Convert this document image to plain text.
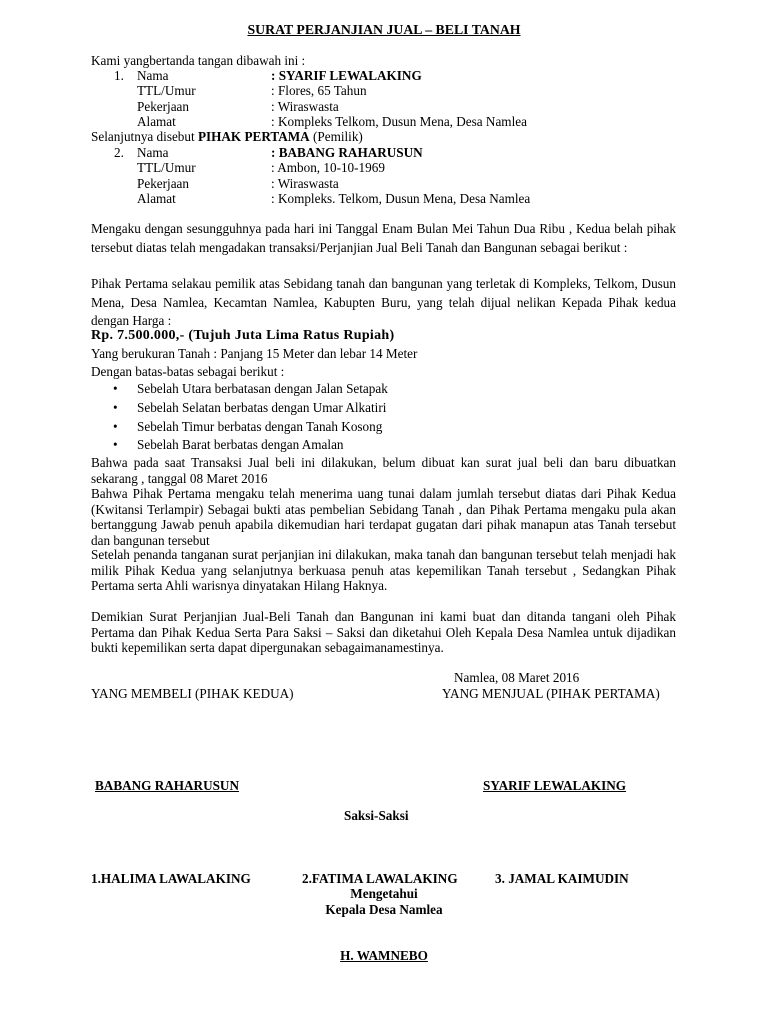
SURAT PERJANJIAN JUAL – BELI TANAH
Kami yangbertanda tangan dibawah ini :
1. Nama	: SYARIF LEWALAKING
TTL/Umur	: Flores, 65 Tahun
Pekerjaan	: Wiraswasta
Alamat	: Kompleks Telkom, Dusun Mena, Desa Namlea
Selanjutnya disebut PIHAK PERTAMA (Pemilik)
2. Nama	: BABANG RAHARUSUN
TTL/Umur	: Ambon, 10-10-1969
Pekerjaan	: Wiraswasta
Alamat	: Kompleks. Telkom, Dusun Mena, Desa Namlea
Mengaku dengan sesungguhnya pada hari ini Tanggal Enam Bulan Mei Tahun Dua Ribu , Kedua belah pihak tersebut diatas telah mengadakan transaksi/Perjanjian Jual Beli Tanah dan Bangunan sebagai berikut :
Pihak Pertama selakau pemilik atas Sebidang tanah dan bangunan yang terletak di Kompleks, Telkom, Dusun Mena, Desa Namlea, Kecamtan Namlea, Kabupten Buru, yang telah dijual nelikan Kepada Pihak kedua dengan Harga :
Rp. 7.500.000,- (Tujuh Juta Lima Ratus Rupiah)
Yang berukuran Tanah : Panjang 15 Meter dan lebar 14 Meter
Dengan batas-batas sebagai berikut :
• Sebelah Utara berbatasan dengan Jalan Setapak
• Sebelah Selatan berbatas dengan Umar Alkatiri
• Sebelah Timur berbatas dengan Tanah Kosong
• Sebelah Barat berbatas dengan Amalan
Bahwa pada saat Transaksi Jual beli ini dilakukan, belum dibuat kan surat jual beli dan baru dibuatkan sekarang , tanggal 08 Maret 2016
Bahwa Pihak Pertama mengaku telah menerima uang tunai dalam jumlah tersebut diatas dari Pihak Kedua (Kwitansi Terlampir) Sebagai bukti atas pembelian Sebidang Tanah , dan Pihak Pertama mengaku pula akan bertanggung Jawab penuh apabila dikemudian hari terdapat gugatan dari pihak manapun atas Tanah tersebut dan bangunan tersebut
Setelah penanda tanganan surat perjanjian ini dilakukan, maka tanah dan bangunan tersebut telah menjadi hak milik Pihak Kedua yang selanjutnya berkuasa penuh atas kepemilikan Tanah tersebut , Sedangkan Pihak Pertama serta Ahli warisnya dinyatakan Hilang Haknya.
Demikian Surat Perjanjian Jual-Beli Tanah dan Bangunan ini kami buat dan ditanda tangani oleh Pihak Pertama dan Pihak Kedua Serta Para Saksi – Saksi dan diketahui Oleh Kepala Desa Namlea untuk dijadikan bukti kepemilikan serta dapat dipergunakan sebagaimanamestinya.
Namlea, 08 Maret 2016
YANG MEMBELI (PIHAK KEDUA)	YANG MENJUAL (PIHAK PERTAMA)
BABANG RAHARUSUN	SYARIF LEWALAKING
Saksi-Saksi
1.HALIMA LAWALAKING	2.FATIMA LAWALAKING	3. JAMAL KAIMUDIN
Mengetahui
Kepala Desa Namlea
H. WAMNEBO
